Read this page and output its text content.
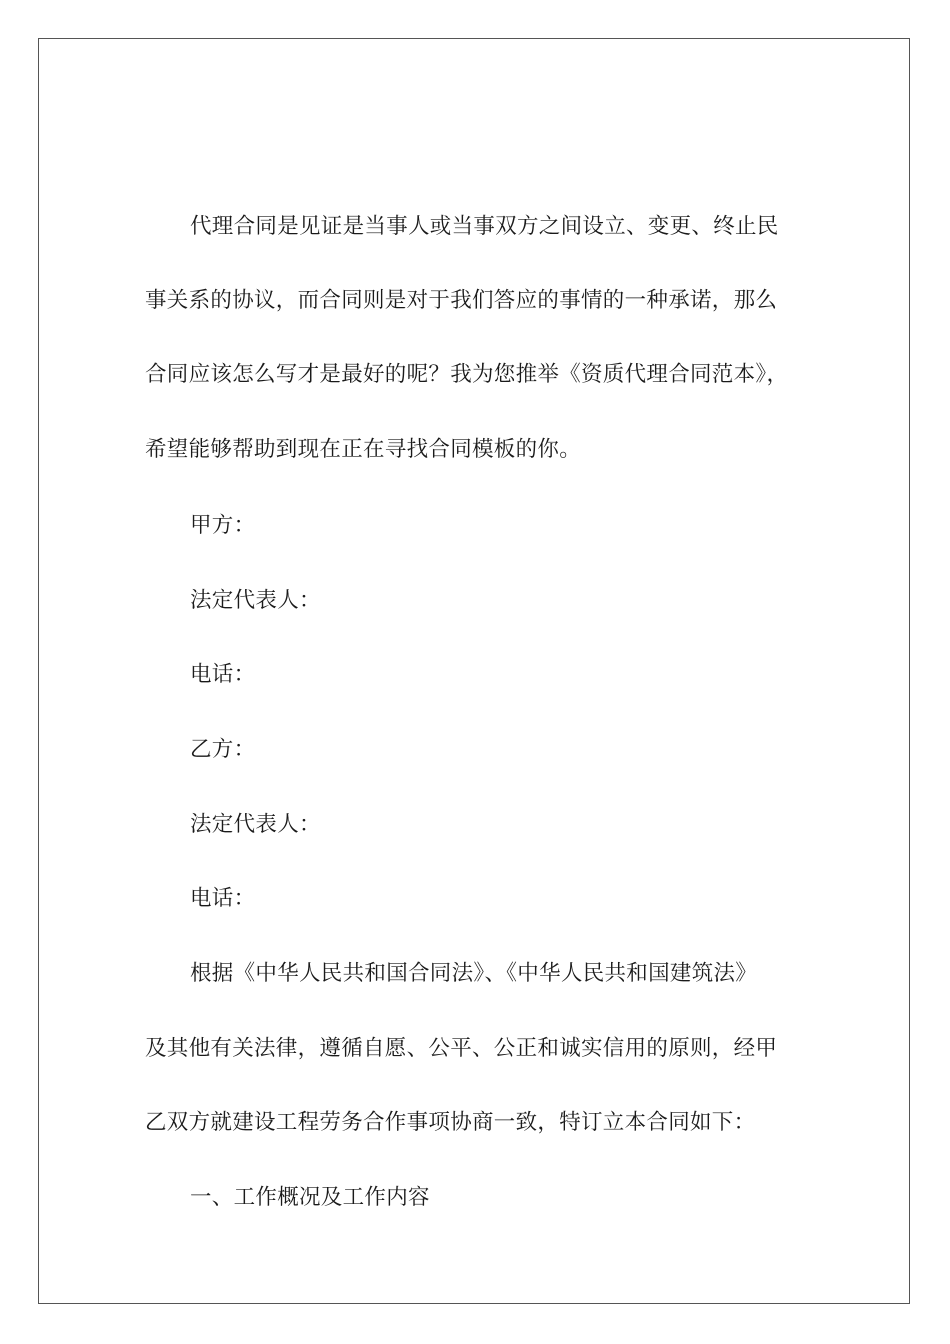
代理合同是见证是当事人或当事双方之间设立、变更、终止民
事关系的协议，而合同则是对于我们答应的事情的一种承诺，那么
合同应该怎么写才是最好的呢？我为您推举《资质代理合同范本》，
希望能够帮助到现在正在寻找合同模板的你。
甲方：
法定代表人：
电话：
乙方：
法定代表人：
电话：
根据《中华人民共和国合同法》、《中华人民共和国建筑法》
及其他有关法律，遵循自愿、公平、公正和诚实信用的原则，经甲
乙双方就建设工程劳务合作事项协商一致，特订立本合同如下：
一、工作概况及工作内容
